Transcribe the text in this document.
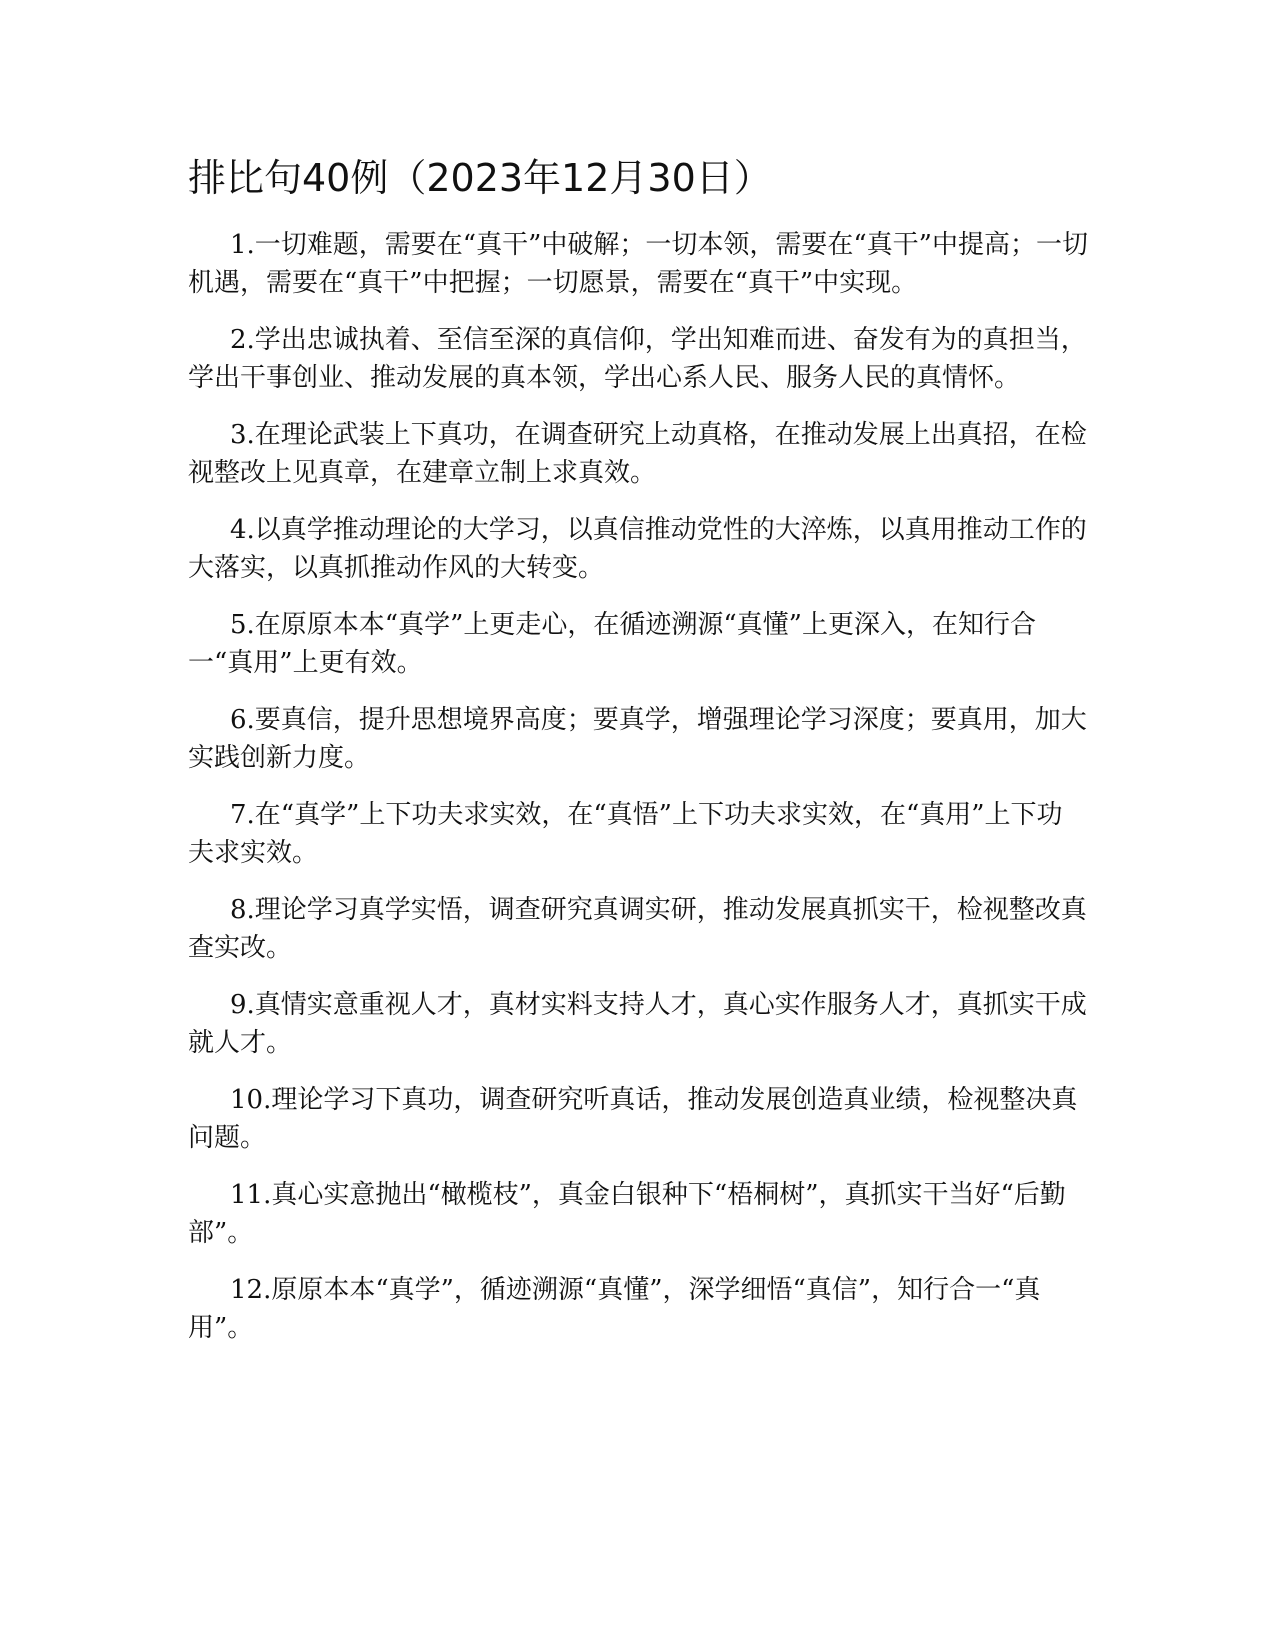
排比句40例（2023年12月30日）

1.一切难题，需要在“真干”中破解；一切本领，需要在“真干”中提高；一切机遇，需要在“真干”中把握；一切愿景，需要在“真干”中实现。

2.学出忠诚执着、至信至深的真信仰，学出知难而进、奋发有为的真担当，学出干事创业、推动发展的真本领，学出心系人民、服务人民的真情怀。

3.在理论武装上下真功，在调查研究上动真格，在推动发展上出真招，在检视整改上见真章，在建章立制上求真效。

4.以真学推动理论的大学习，以真信推动党性的大淬炼，以真用推动工作的大落实，以真抓推动作风的大转变。

5.在原原本本“真学”上更走心，在循迹溯源“真懂”上更深入，在知行合一“真用”上更有效。

6.要真信，提升思想境界高度；要真学，增强理论学习深度；要真用，加大实践创新力度。

7.在“真学”上下功夫求实效，在“真悟”上下功夫求实效，在“真用”上下功夫求实效。

8.理论学习真学实悟，调查研究真调实研，推动发展真抓实干，检视整改真查实改。

9.真情实意重视人才，真材实料支持人才，真心实作服务人才，真抓实干成就人才。

10.理论学习下真功，调查研究听真话，推动发展创造真业绩，检视整决真问题。

11.真心实意抛出“橄榄枝”，真金白银种下“梧桐树”，真抓实干当好“后勤部”。

12.原原本本“真学”，循迹溯源“真懂”，深学细悟“真信”，知行合一“真用”。
